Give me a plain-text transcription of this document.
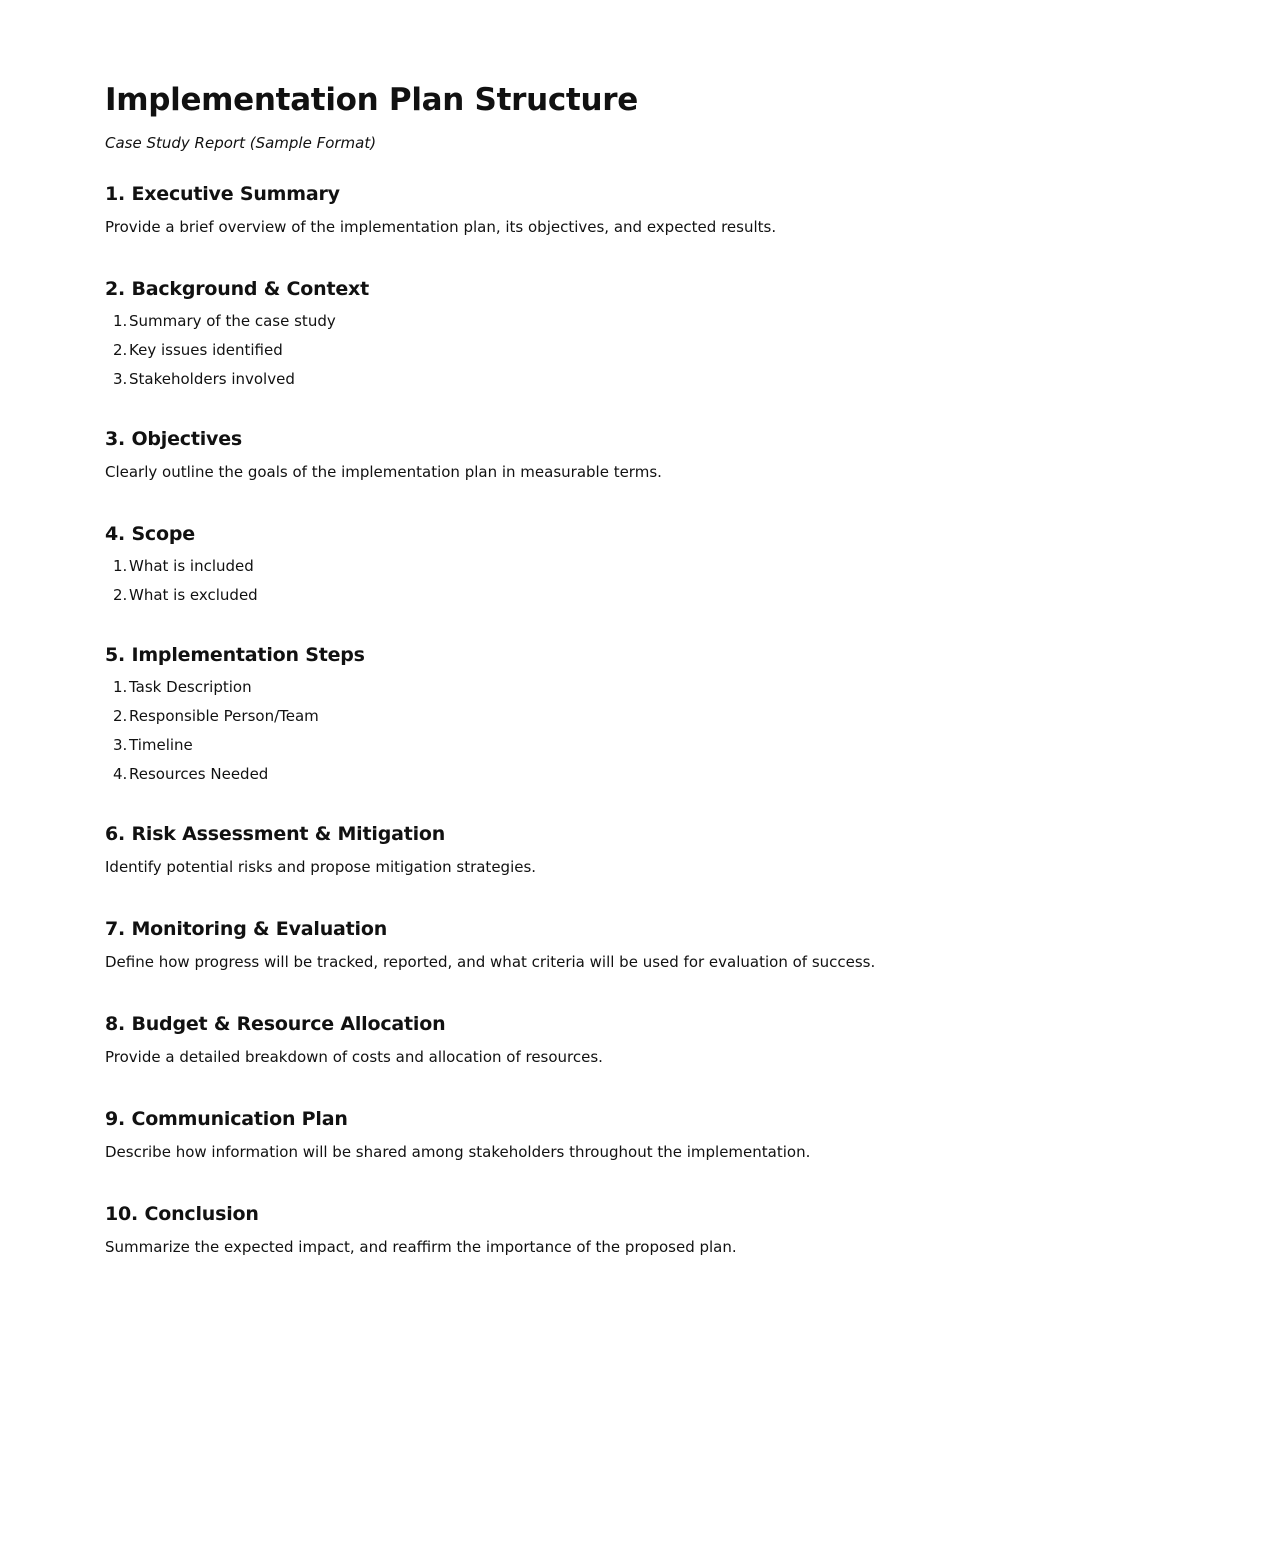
Implementation Plan Structure
Case Study Report (Sample Format)
1. Executive Summary

Provide a brief overview of the implementation plan, its objectives, and expected results.

2. Background & Context
1. Summary of the case study
2. Key issues identified
3. Stakeholders involved
3. Objectives

Clearly outline the goals of the implementation plan in measurable terms.

4. Scope
1. What is included
2. What is excluded
5. Implementation Steps
1. Task Description
2. Responsible Person/Team
3. Timeline
4. Resources Needed
6. Risk Assessment & Mitigation

Identify potential risks and propose mitigation strategies.

7. Monitoring & Evaluation

Define how progress will be tracked, reported, and what criteria will be used for evaluation of success.

8. Budget & Resource Allocation

Provide a detailed breakdown of costs and allocation of resources.

9. Communication Plan

Describe how information will be shared among stakeholders throughout the implementation.

10. Conclusion

Summarize the expected impact, and reaffirm the importance of the proposed plan.
